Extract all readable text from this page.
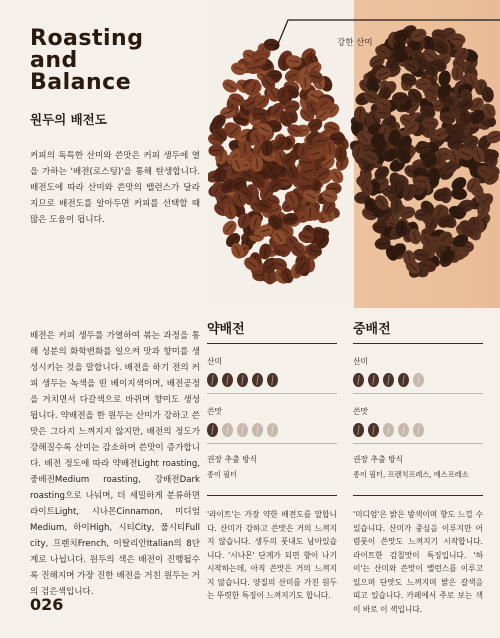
Roasting
and
Balance
원두의 배전도
커피의 독특한 산미와 쓴맛은 커피 생두에 열을 가하는 '배전(로스팅)'을 통해 탄생합니다. 배전도에 따라 산미와 쓴맛의 밸런스가 달라지므로 배전도를 알아두면 커피를 선택할 때 많은 도움이 됩니다.
배전은 커피 생두를 가열하여 볶는 과정을 통해 성분의 화학변화를 일으켜 맛과 향미를 생성시키는 것을 말합니다. 배전을 하기 전의 커피 생두는 녹색을 띤 베이지색이며, 배전공정을 거치면서 다갈색으로 바뀌며 향미도 생성됩니다. 약배전을 한 원두는 산미가 강하고 쓴맛은 그다지 느껴지지 않지만, 배전의 정도가 강해질수록 산미는 감소하며 쓴맛이 증가합니다. 배전 정도에 따라 약배전Light roasting, 중배전Medium roasting, 강배전Dark roasting으로 나눠며, 더 세밀하게 분류하면 라이트Light, 시나몬Cinnamon, 미디엄Medium, 하이High, 시티City, 풀시티Full city, 프렌치French, 이탈리안Italian의 8단계로 나뉩니다. 원두의 색은 배전이 진행될수록 진해지며 가장 진한 배전을 거친 원두는 거의 검은색입니다.
026
강한 산미
약배전
산미
쓴맛
권장 추출 방식
종이 필터
'라이트'는 가장 약한 배전도를 말합니다. 산미가 강하고 쓴맛은 거의 느껴지지 않습니다. 생두의 풋내도 남아있습니다. '시나몬' 단계가 되면 향이 나기 시작하는데, 아직 쓴맛은 거의 느껴지지 않습니다. 양질의 산미를 가진 원두는 뚜렷한 특징이 느껴지기도 합니다.
중배전
산미
쓴맛
권장 추출 방식
종이 필터, 프렌치프레스, 에스프레소
'미디엄'은 밝은 밤색이며 향도 느낄 수 있습니다. 산미가 중심을 이루지만 어렴풋이 쓴맛도 느껴지기 시작합니다. 라이트한 감칠맛이 특징입니다. '하이'는 산미와 쓴맛이 밸런스를 이루고 있으며 단맛도 느껴지며 밝은 갈색을 띠고 있습니다. 카페에서 주로 보는 색이 바로 이 색입니다.
